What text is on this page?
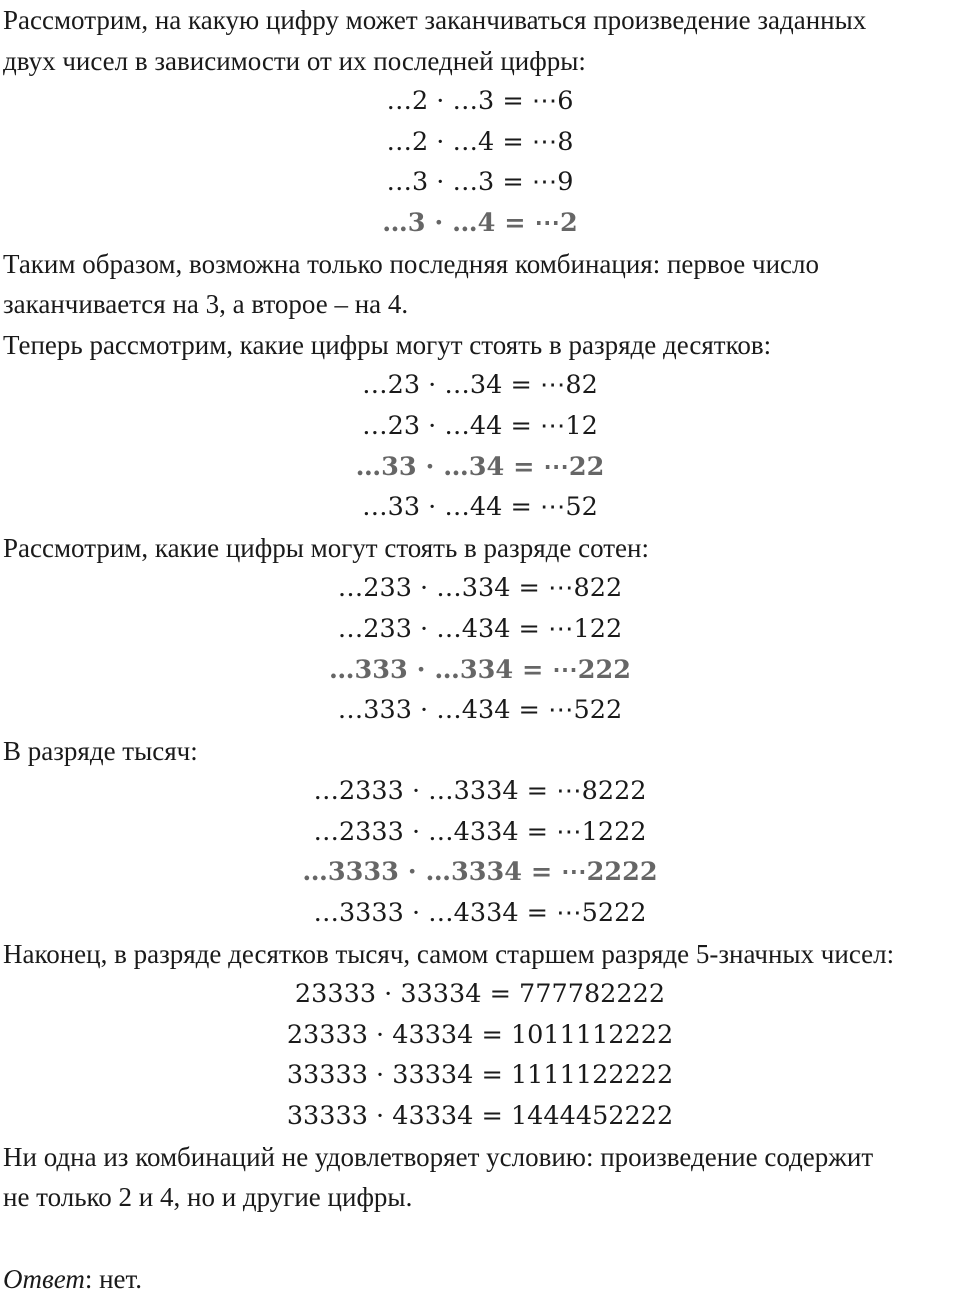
Рассмотрим, на какую цифру может заканчиваться произведение заданных

двух чисел в зависимости от их последней цифры:

…2 · …3 = ⋯6

…2 · …4 = ⋯8

…3 · …3 = ⋯9

…3 · …4 = ⋯2

Таким образом, возможна только последняя комбинация: первое число

заканчивается на 3, а второе – на 4.

Теперь рассмотрим, какие цифры могут стоять в разряде десятков:

…23 · …34 = ⋯82

…23 · …44 = ⋯12

…33 · …34 = ⋯22

…33 · …44 = ⋯52

Рассмотрим, какие цифры могут стоять в разряде сотен:

…233 · …334 = ⋯822

…233 · …434 = ⋯122

…333 · …334 = ⋯222

…333 · …434 = ⋯522

В разряде тысяч:

…2333 · …3334 = ⋯8222

…2333 · …4334 = ⋯1222

…3333 · …3334 = ⋯2222

…3333 · …4334 = ⋯5222

Наконец, в разряде десятков тысяч, самом старшем разряде 5-значных чисел:

23333 · 33334 = 777782222

23333 · 43334 = 1011112222

33333 · 33334 = 1111122222

33333 · 43334 = 1444452222

Ни одна из комбинаций не удовлетворяет условию: произведение содержит

не только 2 и 4, но и другие цифры.

Ответ: нет.
